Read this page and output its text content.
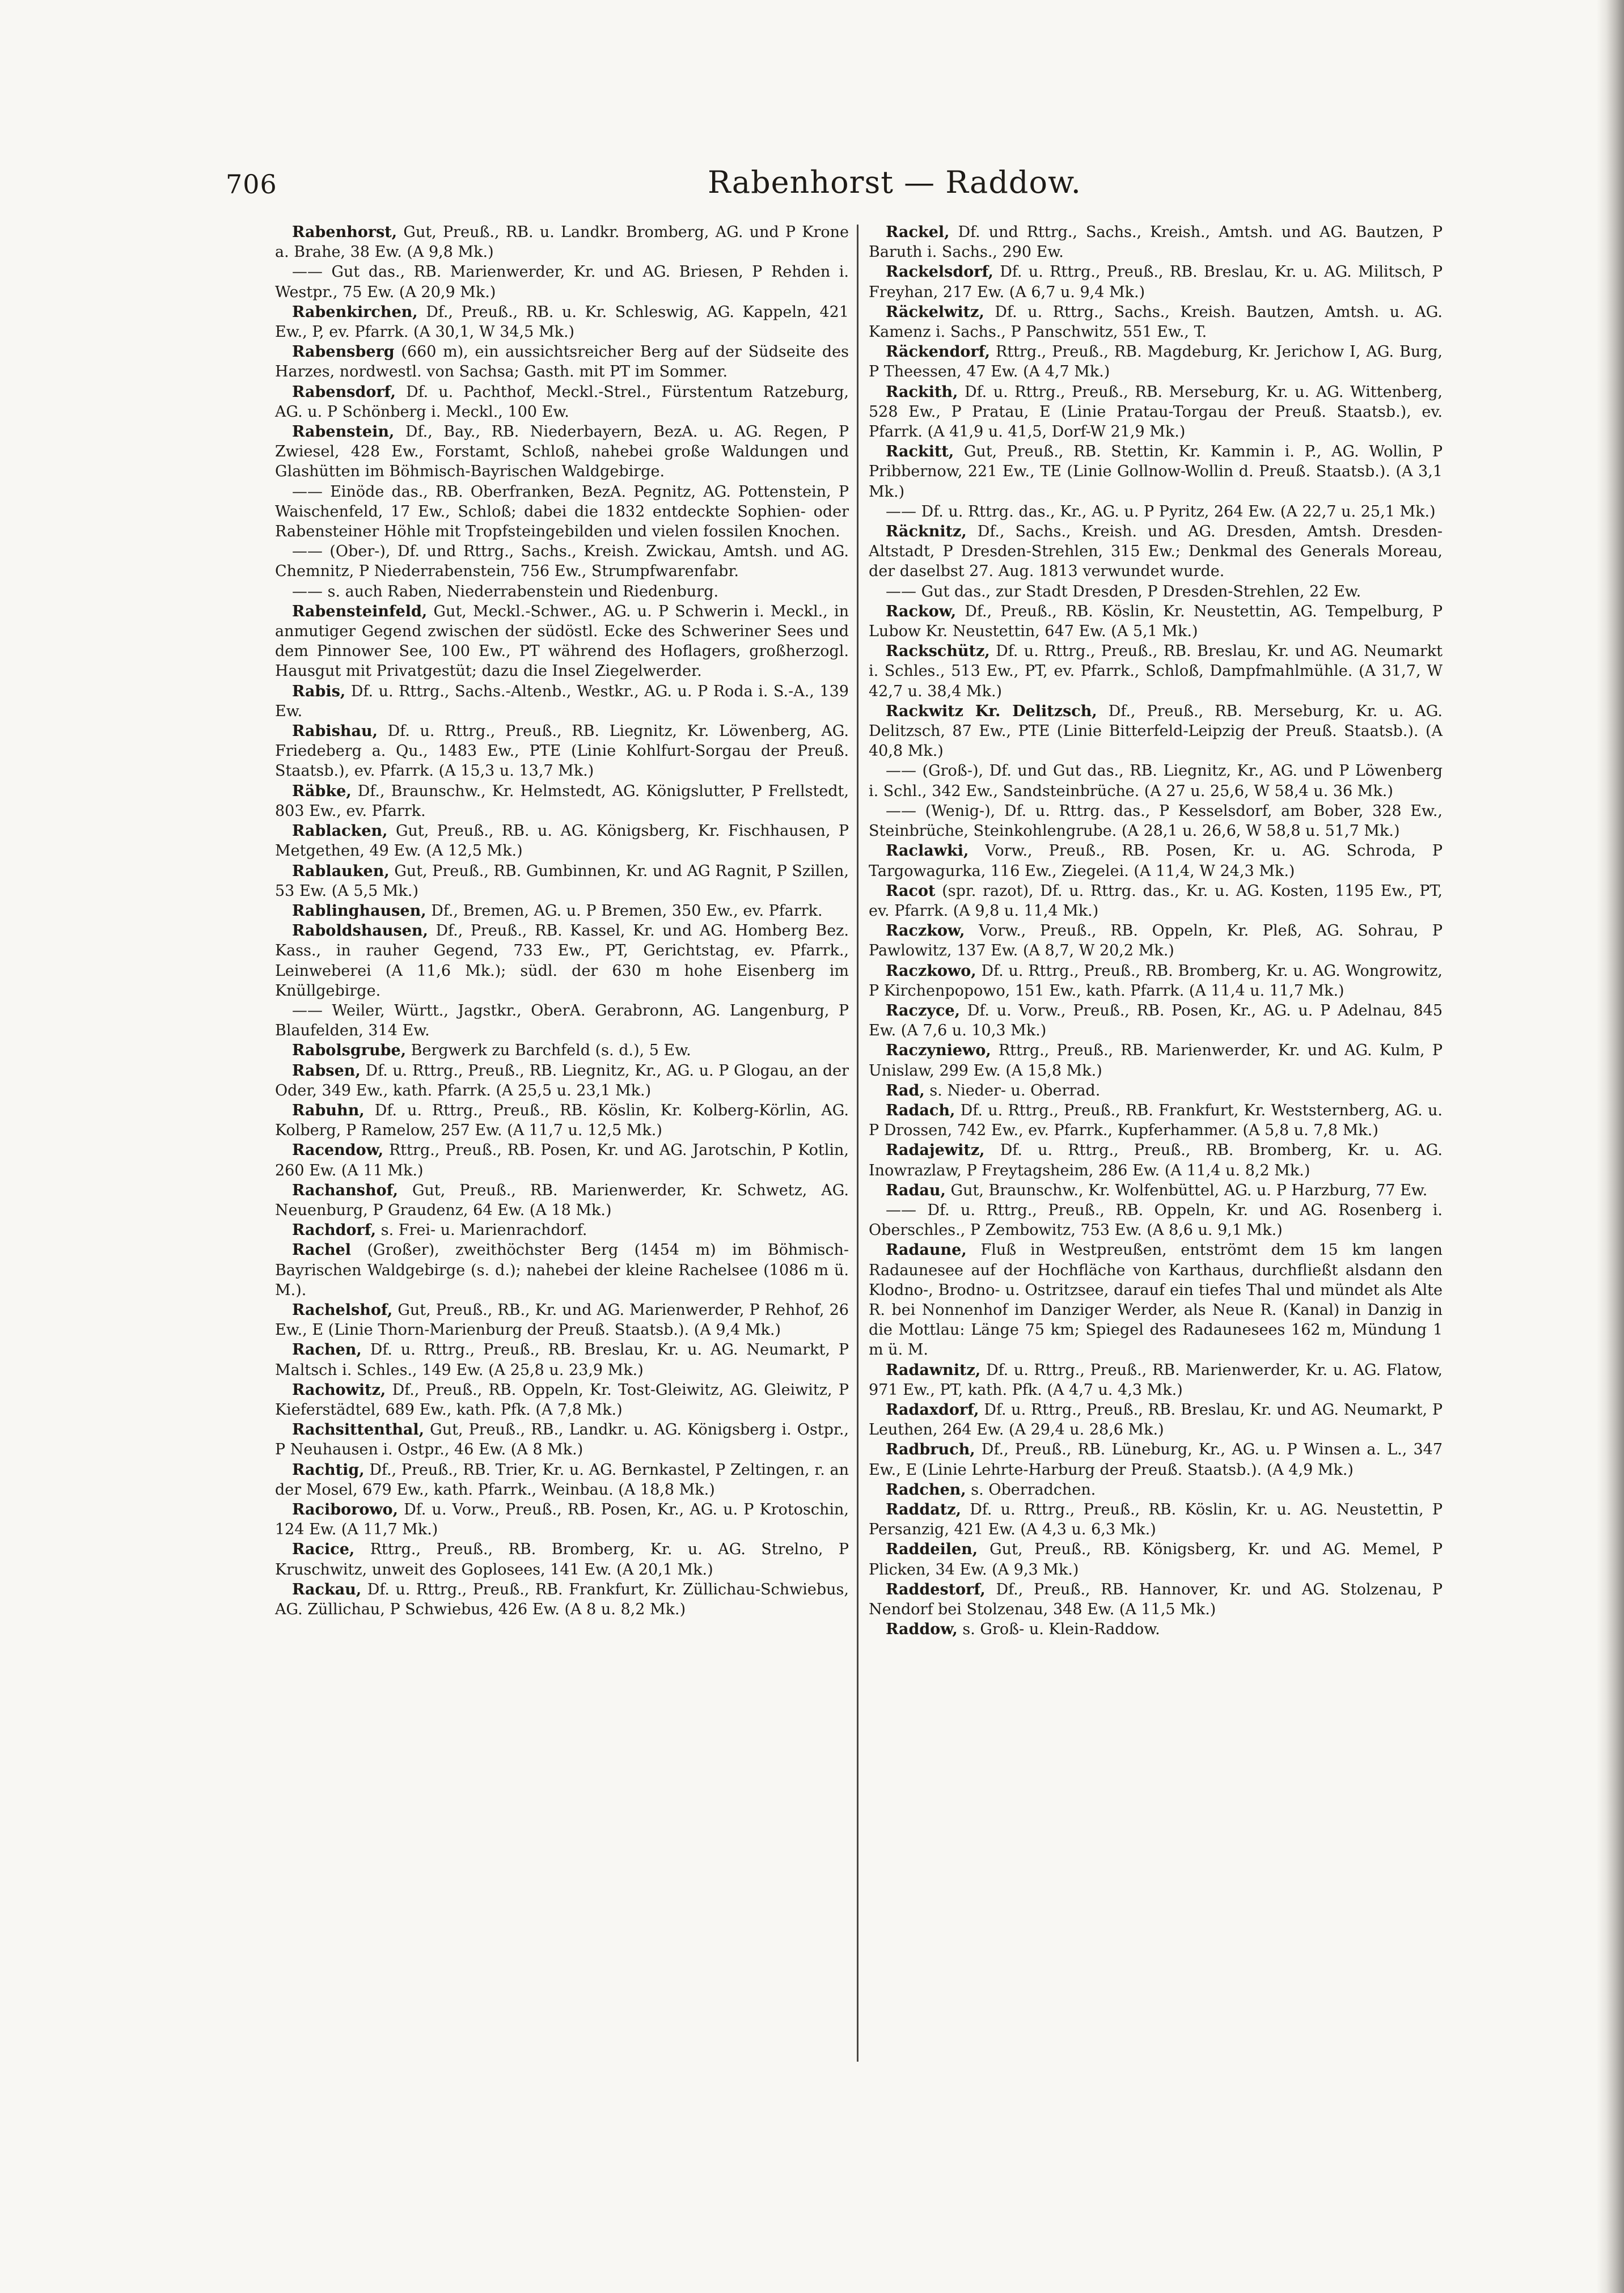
706	Rabenhorst — Raddow.

Rabenhorst, Gut, Preuß., RB. u. Landkr. Bromberg, AG. und P Krone a. Brahe, 38 Ew. (A 9,8 Mk.)

—— Gut das., RB. Marienwerder, Kr. und AG. Briesen, P Rehden i. Westpr., 75 Ew. (A 20,9 Mk.)

Rabenkirchen, Df., Preuß., RB. u. Kr. Schleswig, AG. Kappeln, 421 Ew., P, ev. Pfarrk. (A 30,1, W 34,5 Mk.)

Rabensberg (660 m), ein aussichtsreicher Berg auf der Südseite des Harzes, nordwestl. von Sachsa; Gasth. mit PT im Sommer.

Rabensdorf, Df. u. Pachthof, Meckl.-Strel., Fürstentum Ratzeburg, AG. u. P Schönberg i. Meckl., 100 Ew.

Rabenstein, Df., Bay., RB. Niederbayern, BezA. u. AG. Regen, P Zwiesel, 428 Ew., Forstamt, Schloß, nahebei große Waldungen und Glashütten im Böhmisch-Bayrischen Waldgebirge.

—— Einöde das., RB. Oberfranken, BezA. Pegnitz, AG. Pottenstein, P Waischenfeld, 17 Ew., Schloß; dabei die 1832 entdeckte Sophien- oder Rabensteiner Höhle mit Tropfsteingebilden und vielen fossilen Knochen.

—— (Ober-), Df. und Rttrg., Sachs., Kreish. Zwickau, Amtsh. und AG. Chemnitz, P Niederrabenstein, 756 Ew., Strumpfwarenfabr.

—— s. auch Raben, Niederrabenstein und Riedenburg.

Rabensteinfeld, Gut, Meckl.-Schwer., AG. u. P Schwerin i. Meckl., in anmutiger Gegend zwischen der südöstl. Ecke des Schweriner Sees und dem Pinnower See, 100 Ew., PT während des Hoflagers, großherzogl. Hausgut mit Privatgestüt; dazu die Insel Ziegelwerder.

Rabis, Df. u. Rttrg., Sachs.-Altenb., Westkr., AG. u. P Roda i. S.-A., 139 Ew.

Rabishau, Df. u. Rttrg., Preuß., RB. Liegnitz, Kr. Löwenberg, AG. Friedeberg a. Qu., 1483 Ew., PTE (Linie Kohlfurt-Sorgau der Preuß. Staatsb.), ev. Pfarrk. (A 15,3 u. 13,7 Mk.)

Räbke, Df., Braunschw., Kr. Helmstedt, AG. Königslutter, P Frellstedt, 803 Ew., ev. Pfarrk.

Rablacken, Gut, Preuß., RB. u. AG. Königsberg, Kr. Fischhausen, P Metgethen, 49 Ew. (A 12,5 Mk.)

Rablauken, Gut, Preuß., RB. Gumbinnen, Kr. und AG Ragnit, P Szillen, 53 Ew. (A 5,5 Mk.)

Rablinghausen, Df., Bremen, AG. u. P Bremen, 350 Ew., ev. Pfarrk.

Raboldshausen, Df., Preuß., RB. Kassel, Kr. und AG. Homberg Bez. Kass., in rauher Gegend, 733 Ew., PT, Gerichtstag, ev. Pfarrk., Leinweberei (A 11,6 Mk.); südl. der 630 m hohe Eisenberg im Knüllgebirge.

—— Weiler, Württ., Jagstkr., OberA. Gerabronn, AG. Langenburg, P Blaufelden, 314 Ew.

Rabolsgrube, Bergwerk zu Barchfeld (s. d.), 5 Ew.

Rabsen, Df. u. Rttrg., Preuß., RB. Liegnitz, Kr., AG. u. P Glogau, an der Oder, 349 Ew., kath. Pfarrk. (A 25,5 u. 23,1 Mk.)

Rabuhn, Df. u. Rttrg., Preuß., RB. Köslin, Kr. Kolberg-Körlin, AG. Kolberg, P Ramelow, 257 Ew. (A 11,7 u. 12,5 Mk.)

Racendow, Rttrg., Preuß., RB. Posen, Kr. und AG. Jarotschin, P Kotlin, 260 Ew. (A 11 Mk.)

Rachanshof, Gut, Preuß., RB. Marienwerder, Kr. Schwetz, AG. Neuenburg, P Graudenz, 64 Ew. (A 18 Mk.)

Rachdorf, s. Frei- u. Marienrachdorf.

Rachel (Großer), zweithöchster Berg (1454 m) im Böhmisch-Bayrischen Waldgebirge (s. d.); nahebei der kleine Rachelsee (1086 m ü. M.).

Rachelshof, Gut, Preuß., RB., Kr. und AG. Marienwerder, P Rehhof, 26 Ew., E (Linie Thorn-Marienburg der Preuß. Staatsb.). (A 9,4 Mk.)

Rachen, Df. u. Rttrg., Preuß., RB. Breslau, Kr. u. AG. Neumarkt, P Maltsch i. Schles., 149 Ew. (A 25,8 u. 23,9 Mk.)

Rachowitz, Df., Preuß., RB. Oppeln, Kr. Tost-Gleiwitz, AG. Gleiwitz, P Kieferstädtel, 689 Ew., kath. Pfk. (A 7,8 Mk.)

Rachsittenthal, Gut, Preuß., RB., Landkr. u. AG. Königsberg i. Ostpr., P Neuhausen i. Ostpr., 46 Ew. (A 8 Mk.)

Rachtig, Df., Preuß., RB. Trier, Kr. u. AG. Bernkastel, P Zeltingen, r. an der Mosel, 679 Ew., kath. Pfarrk., Weinbau. (A 18,8 Mk.)

Raciborowo, Df. u. Vorw., Preuß., RB. Posen, Kr., AG. u. P Krotoschin, 124 Ew. (A 11,7 Mk.)

Racice, Rttrg., Preuß., RB. Bromberg, Kr. u. AG. Strelno, P Kruschwitz, unweit des Goplosees, 141 Ew. (A 20,1 Mk.)

Rackau, Df. u. Rttrg., Preuß., RB. Frankfurt, Kr. Züllichau-Schwiebus, AG. Züllichau, P Schwiebus, 426 Ew. (A 8 u. 8,2 Mk.)

Rackel, Df. und Rttrg., Sachs., Kreish., Amtsh. und AG. Bautzen, P Baruth i. Sachs., 290 Ew.

Rackelsdorf, Df. u. Rttrg., Preuß., RB. Breslau, Kr. u. AG. Militsch, P Freyhan, 217 Ew. (A 6,7 u. 9,4 Mk.)

Räckelwitz, Df. u. Rttrg., Sachs., Kreish. Bautzen, Amtsh. u. AG. Kamenz i. Sachs., P Panschwitz, 551 Ew., T.

Räckendorf, Rttrg., Preuß., RB. Magdeburg, Kr. Jerichow I, AG. Burg, P Theessen, 47 Ew. (A 4,7 Mk.)

Rackith, Df. u. Rttrg., Preuß., RB. Merseburg, Kr. u. AG. Wittenberg, 528 Ew., P Pratau, E (Linie Pratau-Torgau der Preuß. Staatsb.), ev. Pfarrk. (A 41,9 u. 41,5, Dorf-W 21,9 Mk.)

Rackitt, Gut, Preuß., RB. Stettin, Kr. Kammin i. P., AG. Wollin, P Pribbernow, 221 Ew., TE (Linie Gollnow-Wollin d. Preuß. Staatsb.). (A 3,1 Mk.)

—— Df. u. Rttrg. das., Kr., AG. u. P Pyritz, 264 Ew. (A 22,7 u. 25,1 Mk.)

Räcknitz, Df., Sachs., Kreish. und AG. Dresden, Amtsh. Dresden-Altstadt, P Dresden-Strehlen, 315 Ew.; Denkmal des Generals Moreau, der daselbst 27. Aug. 1813 verwundet wurde.

—— Gut das., zur Stadt Dresden, P Dresden-Strehlen, 22 Ew.

Rackow, Df., Preuß., RB. Köslin, Kr. Neustettin, AG. Tempelburg, P Lubow Kr. Neustettin, 647 Ew. (A 5,1 Mk.)

Rackschütz, Df. u. Rttrg., Preuß., RB. Breslau, Kr. und AG. Neumarkt i. Schles., 513 Ew., PT, ev. Pfarrk., Schloß, Dampfmahlmühle. (A 31,7, W 42,7 u. 38,4 Mk.)

Rackwitz Kr. Delitzsch, Df., Preuß., RB. Merseburg, Kr. u. AG. Delitzsch, 87 Ew., PTE (Linie Bitterfeld-Leipzig der Preuß. Staatsb.). (A 40,8 Mk.)

—— (Groß-), Df. und Gut das., RB. Liegnitz, Kr., AG. und P Löwenberg i. Schl., 342 Ew., Sandsteinbrüche. (A 27 u. 25,6, W 58,4 u. 36 Mk.)

—— (Wenig-), Df. u. Rttrg. das., P Kesselsdorf, am Bober, 328 Ew., Steinbrüche, Steinkohlengrube. (A 28,1 u. 26,6, W 58,8 u. 51,7 Mk.)

Raclawki, Vorw., Preuß., RB. Posen, Kr. u. AG. Schroda, P Targowagurka, 116 Ew., Ziegelei. (A 11,4, W 24,3 Mk.)

Racot (spr. razot), Df. u. Rttrg. das., Kr. u. AG. Kosten, 1195 Ew., PT, ev. Pfarrk. (A 9,8 u. 11,4 Mk.)

Raczkow, Vorw., Preuß., RB. Oppeln, Kr. Pleß, AG. Sohrau, P Pawlowitz, 137 Ew. (A 8,7, W 20,2 Mk.)

Raczkowo, Df. u. Rttrg., Preuß., RB. Bromberg, Kr. u. AG. Wongrowitz, P Kirchenpopowo, 151 Ew., kath. Pfarrk. (A 11,4 u. 11,7 Mk.)

Raczyce, Df. u. Vorw., Preuß., RB. Posen, Kr., AG. u. P Adelnau, 845 Ew. (A 7,6 u. 10,3 Mk.)

Raczyniewo, Rttrg., Preuß., RB. Marienwerder, Kr. und AG. Kulm, P Unislaw, 299 Ew. (A 15,8 Mk.)

Rad, s. Nieder- u. Oberrad.

Radach, Df. u. Rttrg., Preuß., RB. Frankfurt, Kr. Weststernberg, AG. u. P Drossen, 742 Ew., ev. Pfarrk., Kupferhammer. (A 5,8 u. 7,8 Mk.)

Radajewitz, Df. u. Rttrg., Preuß., RB. Bromberg, Kr. u. AG. Inowrazlaw, P Freytagsheim, 286 Ew. (A 11,4 u. 8,2 Mk.)

Radau, Gut, Braunschw., Kr. Wolfenbüttel, AG. u. P Harzburg, 77 Ew.

—— Df. u. Rttrg., Preuß., RB. Oppeln, Kr. und AG. Rosenberg i. Oberschles., P Zembowitz, 753 Ew. (A 8,6 u. 9,1 Mk.)

Radaune, Fluß in Westpreußen, entströmt dem 15 km langen Radaunesee auf der Hochfläche von Karthaus, durchfließt alsdann den Klodno-, Brodno- u. Ostritzsee, darauf ein tiefes Thal und mündet als Alte R. bei Nonnenhof im Danziger Werder, als Neue R. (Kanal) in Danzig in die Mottlau: Länge 75 km; Spiegel des Radaunesees 162 m, Mündung 1 m ü. M.

Radawnitz, Df. u. Rttrg., Preuß., RB. Marienwerder, Kr. u. AG. Flatow, 971 Ew., PT, kath. Pfk. (A 4,7 u. 4,3 Mk.)

Radaxdorf, Df. u. Rttrg., Preuß., RB. Breslau, Kr. und AG. Neumarkt, P Leuthen, 264 Ew. (A 29,4 u. 28,6 Mk.)

Radbruch, Df., Preuß., RB. Lüneburg, Kr., AG. u. P Winsen a. L., 347 Ew., E (Linie Lehrte-Harburg der Preuß. Staatsb.). (A 4,9 Mk.)

Radchen, s. Oberradchen.

Raddatz, Df. u. Rttrg., Preuß., RB. Köslin, Kr. u. AG. Neustettin, P Persanzig, 421 Ew. (A 4,3 u. 6,3 Mk.)

Raddeilen, Gut, Preuß., RB. Königsberg, Kr. und AG. Memel, P Plicken, 34 Ew. (A 9,3 Mk.)

Raddestorf, Df., Preuß., RB. Hannover, Kr. und AG. Stolzenau, P Nendorf bei Stolzenau, 348 Ew. (A 11,5 Mk.)

Raddow, s. Groß- u. Klein-Raddow.
